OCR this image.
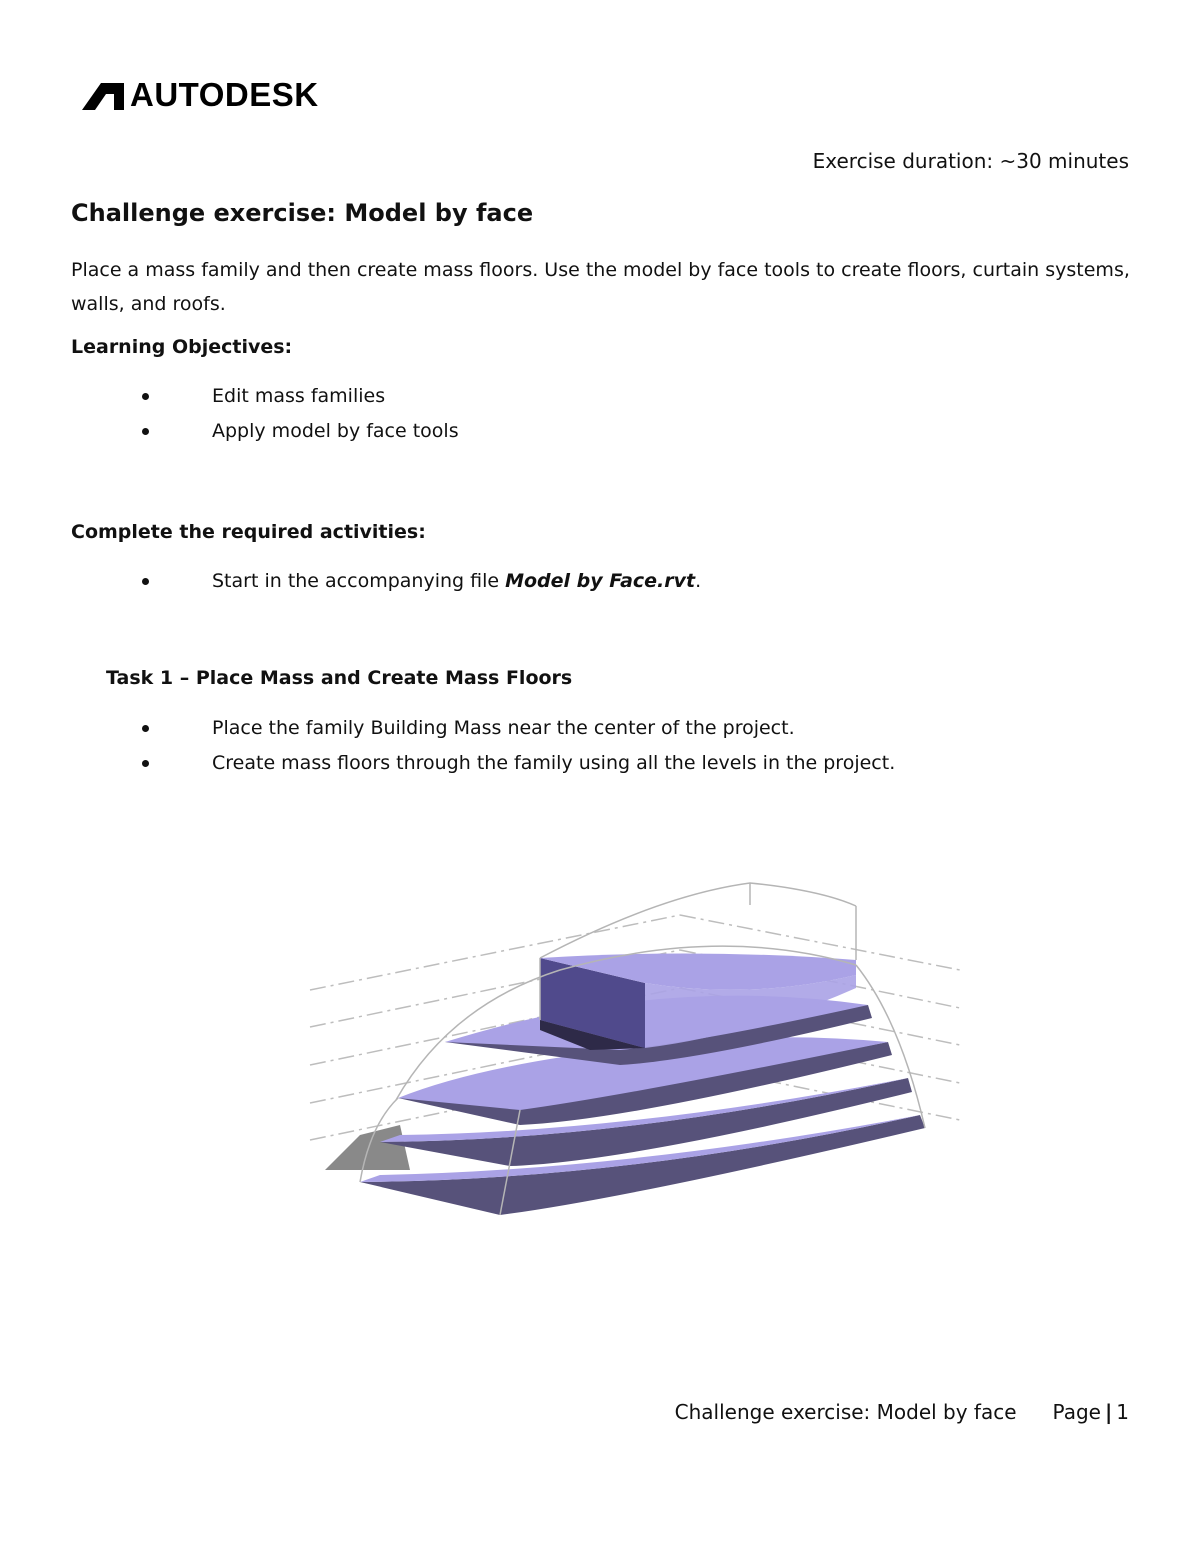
AUTODESK
Exercise duration: ~30 minutes
Challenge exercise: Model by face

Place a mass family and then create mass floors. Use the model by face tools to create floors, curtain systems, walls, and roofs.

Learning Objectives:
Edit mass families
Apply model by face tools
Complete the required activities:
Start in the accompanying file Model by Face.rvt.
Task 1 – Place Mass and Create Mass Floors
Place the family Building Mass near the center of the project.
Create mass floors through the family using all the levels in the project.
Challenge exercise: Model by face Page | 1
